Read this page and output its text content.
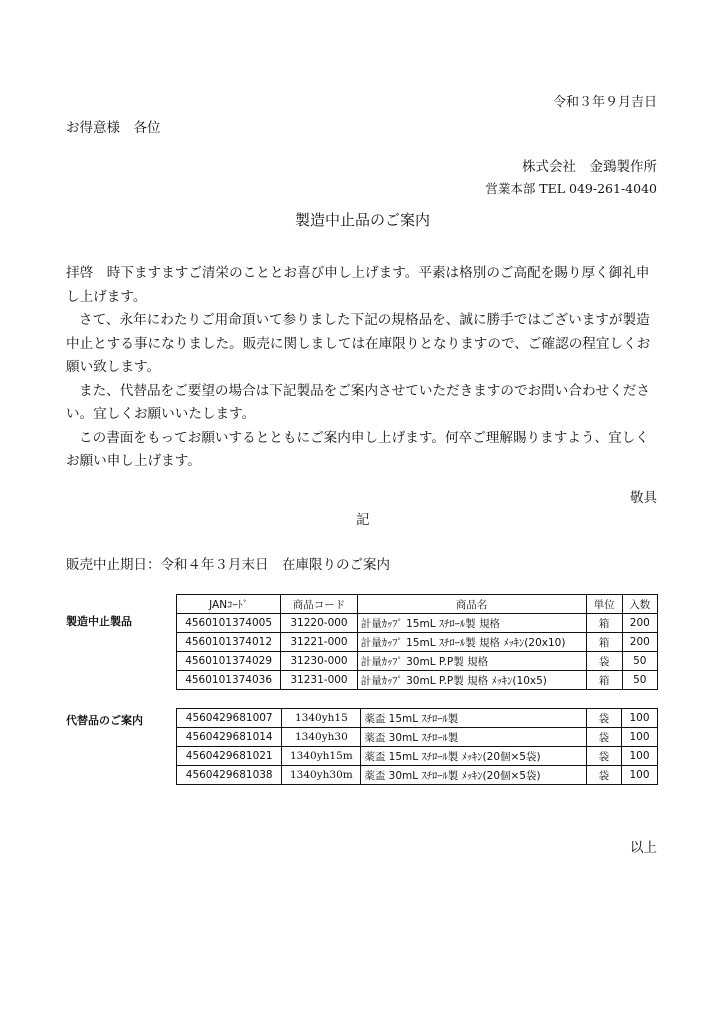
令和３年９月吉日
お得意様　各位
株式会社　金鵄製作所
営業本部 TEL 049-261-4040
製造中止品のご案内

拝啓　時下ますますご清栄のこととお喜び申し上げます。平素は格別のご高配を賜り厚く御礼申し上げます。

さて、永年にわたりご用命頂いて参りました下記の規格品を、誠に勝手ではございますが製造中止とする事になりました。販売に関しましては在庫限りとなりますので、ご確認の程宜しくお願い致します。

また、代替品をご要望の場合は下記製品をご案内させていただきますのでお問い合わせください。宜しくお願いいたします。

この書面をもってお願いするとともにご案内申し上げます。何卒ご理解賜りますよう、宜しくお願い申し上げます。

敬具
記
販売中止期日：令和４年３月末日　在庫限りのご案内
製造中止製品
JANｺｰﾄﾞ	商品コード	商品名	単位	入数
4560101374005	31220-000	計量ｶｯﾌﾟ 15mL ｽﾁﾛｰﾙ製 規格	箱	200
4560101374012	31221-000	計量ｶｯﾌﾟ 15mL ｽﾁﾛｰﾙ製 規格 ﾒｯｷﾝ(20x10)	箱	200
4560101374029	31230-000	計量ｶｯﾌﾟ 30mL P.P製 規格	袋	50
4560101374036	31231-000	計量ｶｯﾌﾟ 30mL P.P製 規格 ﾒｯｷﾝ(10x5)	箱	50
代替品のご案内	4560429681007	1340yh15	薬盃 15mL ｽﾁﾛｰﾙ製	袋	100
4560429681014	1340yh30	薬盃 30mL ｽﾁﾛｰﾙ製	袋	100
4560429681021	1340yh15m	薬盃 15mL ｽﾁﾛｰﾙ製 ﾒｯｷﾝ(20個×5袋)	袋	100
4560429681038	1340yh30m	薬盃 30mL ｽﾁﾛｰﾙ製 ﾒｯｷﾝ(20個×5袋)	袋	100
以上
